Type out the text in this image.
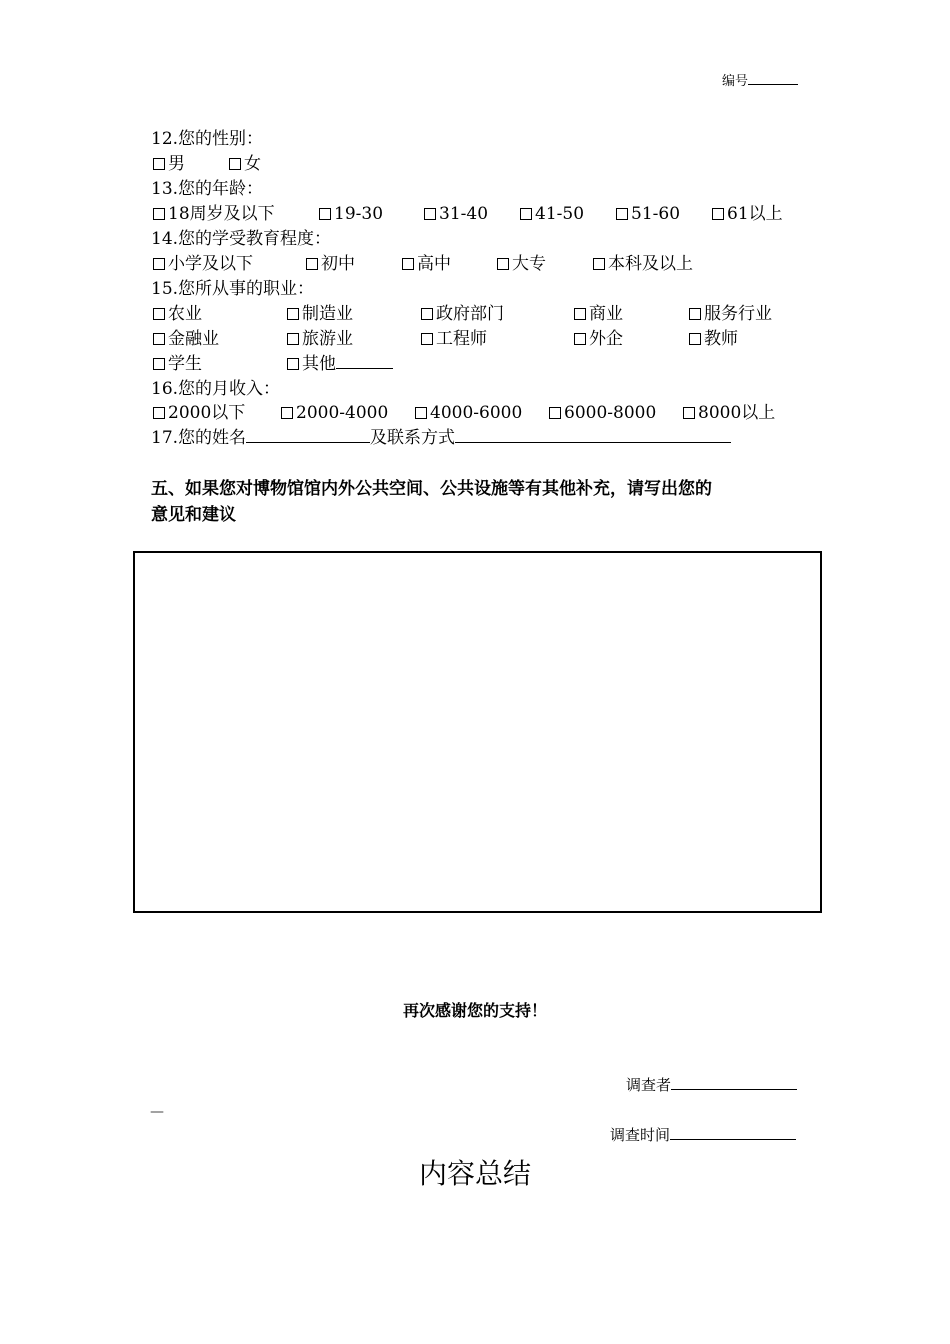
编号
12.您的性别：
男	女
13.您的年龄：
18周岁及以下	19-30	31-40	41-50	51-60	61以上
14.您的学受教育程度：
小学及以下	初中	高中	大专	本科及以上
15.您所从事的职业：
农业	制造业	政府部门	商业	服务行业
金融业	旅游业	工程师	外企	教师
学生	其他
16.您的月收入：
2000以下	2000-4000	4000-6000	6000-8000	8000以上
17.您的姓名	及联系方式
五、如果您对博物馆馆内外公共空间、公共设施等有其他补充，请写出您的
意见和建议
再次感谢您的支持！
调查者
—
调查时间
内容总结
